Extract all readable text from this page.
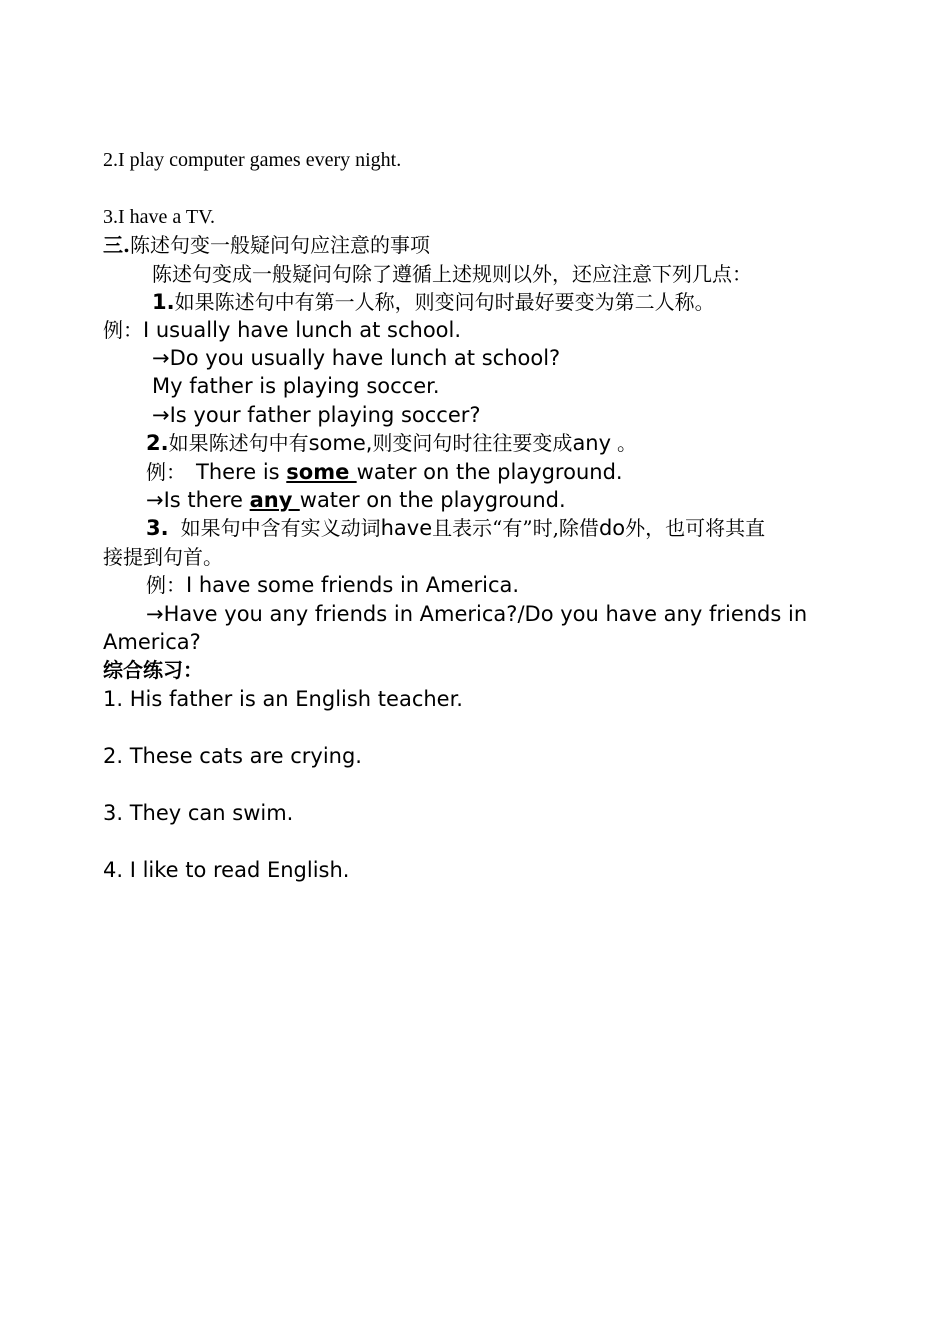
2.I play computer games every night.
3.I have a TV.
三.陈述句变一般疑问句应注意的事项
陈述句变成一般疑问句除了遵循上述规则以外，还应注意下列几点：
1.如果陈述句中有第一人称，则变问句时最好要变为第二人称。
例：I usually have lunch at school.
→Do you usually have lunch at school?
My father is playing soccer.
→Is your father playing soccer?
2.如果陈述句中有some,则变问句时往往要变成any 。
例： There is some water on the playground.
→Is there any water on the playground.
3. 如果句中含有实义动词have且表示“有”时,除借do外，也可将其直
接提到句首。
例：I have some friends in America.
→Have you any friends in America?/Do you have any friends in
America?
综合练习：
1. His father is an English teacher.
2. These cats are crying.
3. They can swim.
4. I like to read English.
